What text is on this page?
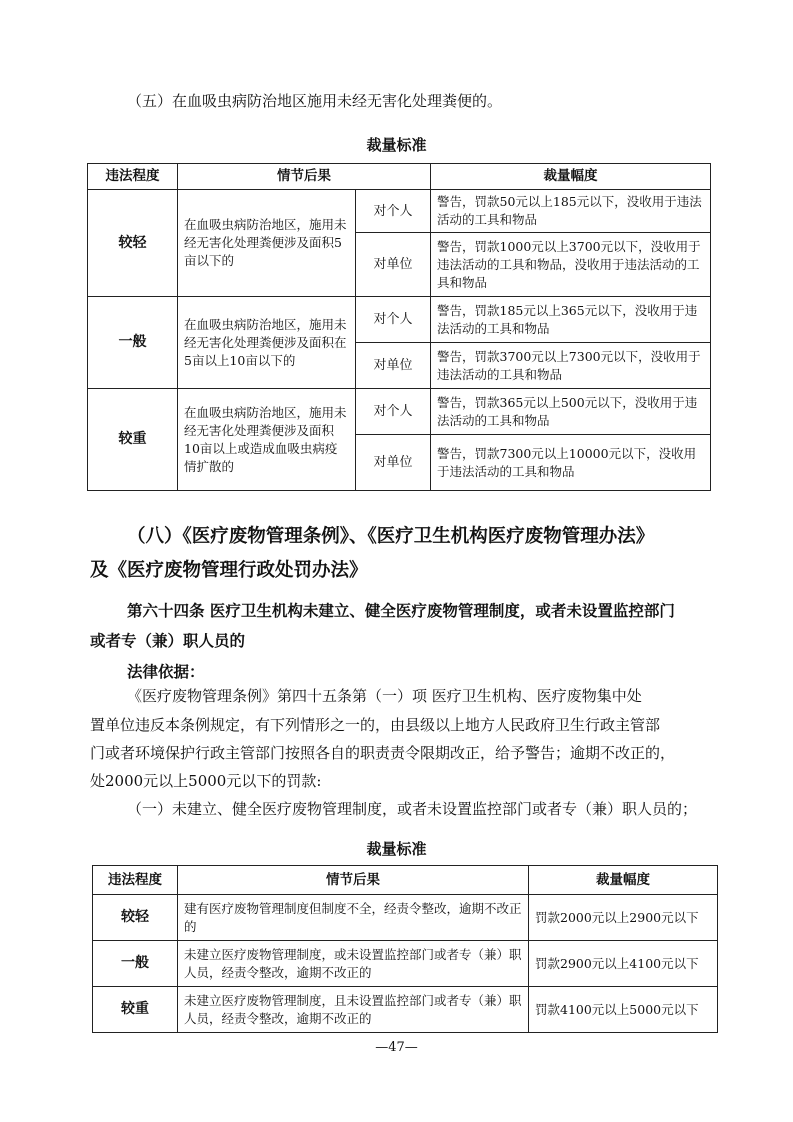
（五）在血吸虫病防治地区施用未经无害化处理粪便的。
裁量标准
违法程度	情节后果		裁量幅度
较轻	在血吸虫病防治地区，施用未经无害化处理粪便涉及面积5亩以下的	对个人	警告，罚款50元以上185元以下，没收用于违法活动的工具和物品
		对单位	警告，罚款1000元以上3700元以下，没收用于违法活动的工具和物品，没收用于违法活动的工具和物品
一般	在血吸虫病防治地区，施用未经无害化处理粪便涉及面积在5亩以上10亩以下的	对个人	警告，罚款185元以上365元以下，没收用于违法活动的工具和物品
		对单位	警告，罚款3700元以上7300元以下，没收用于违法活动的工具和物品
较重	在血吸虫病防治地区，施用未经无害化处理粪便涉及面积10亩以上或造成血吸虫病疫情扩散的	对个人	警告，罚款365元以上500元以下，没收用于违法活动的工具和物品
		对单位	警告，罚款7300元以上10000元以下，没收用于违法活动的工具和物品
（八）《医疗废物管理条例》、《医疗卫生机构医疗废物管理办法》
及《医疗废物管理行政处罚办法》
第六十四条 医疗卫生机构未建立、健全医疗废物管理制度，或者未设置监控部门
或者专（兼）职人员的
法律依据：
《医疗废物管理条例》第四十五条第（一）项 医疗卫生机构、医疗废物集中处
置单位违反本条例规定，有下列情形之一的，由县级以上地方人民政府卫生行政主管部
门或者环境保护行政主管部门按照各自的职责责令限期改正，给予警告；逾期不改正的，
处2000元以上5000元以下的罚款:
（一）未建立、健全医疗废物管理制度，或者未设置监控部门或者专（兼）职人员的；
裁量标准
违法程度	情节后果	裁量幅度
较轻	建有医疗废物管理制度但制度不全，经责令整改，逾期不改正的	罚款2000元以上2900元以下
一般	未建立医疗废物管理制度，或未设置监控部门或者专（兼）职人员，经责令整改，逾期不改正的	罚款2900元以上4100元以下
较重	未建立医疗废物管理制度，且未设置监控部门或者专（兼）职人员，经责令整改，逾期不改正的	罚款4100元以上5000元以下
—47—
